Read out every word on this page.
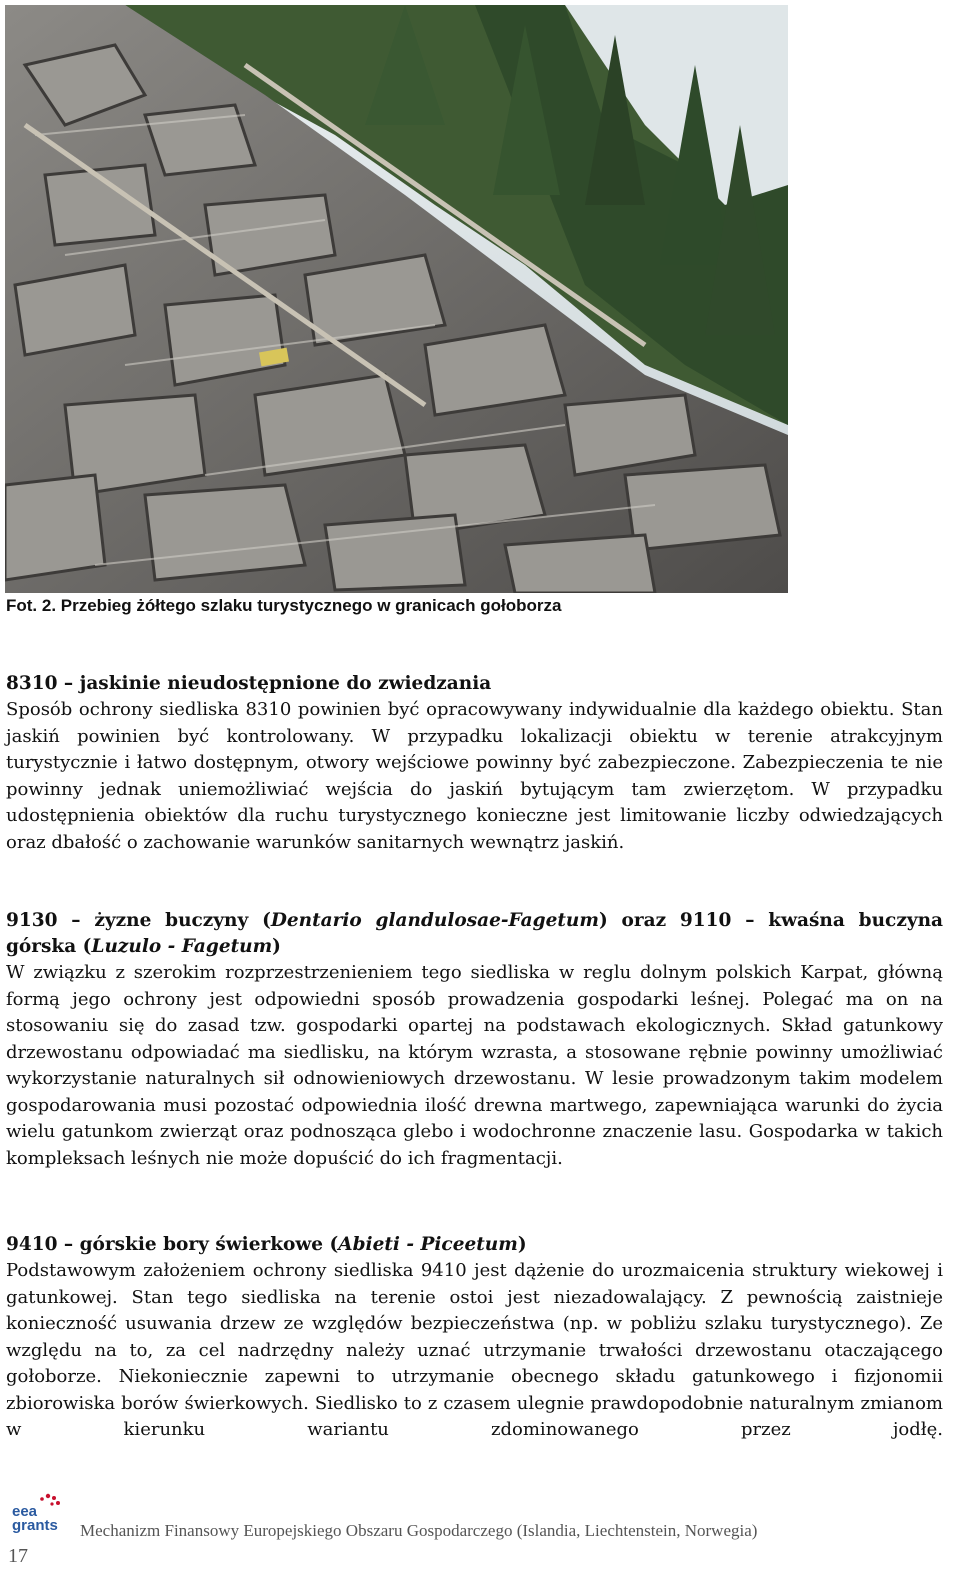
Fot. 2. Przebieg żółtego szlaku turystycznego w granicach gołoborza
8310 – jaskinie nieudostępnione do zwiedzania

Sposób ochrony siedliska 8310 powinien być opracowywany indywidualnie dla każdego obiektu. Stan jaskiń powinien być kontrolowany. W przypadku lokalizacji obiektu w terenie atrakcyjnym turystycznie i łatwo dostępnym, otwory wejściowe powinny być zabezpieczone. Zabezpieczenia te nie powinny jednak uniemożliwiać wejścia do jaskiń bytującym tam zwierzętom. W przypadku udostępnienia obiektów dla ruchu turystycznego konieczne jest limitowanie liczby odwiedzających oraz dbałość o zachowanie warunków sanitarnych wewnątrz jaskiń.

9130 – żyzne buczyny (Dentario glandulosae-Fagetum) oraz 9110 – kwaśna buczyna górska (Luzulo - Fagetum)

W związku z szerokim rozprzestrzenieniem tego siedliska w reglu dolnym polskich Karpat, główną formą jego ochrony jest odpowiedni sposób prowadzenia gospodarki leśnej. Polegać ma on na stosowaniu się do zasad tzw. gospodarki opartej na podstawach ekologicznych. Skład gatunkowy drzewostanu odpowiadać ma siedlisku, na którym wzrasta, a stosowane rębnie powinny umożliwiać wykorzystanie naturalnych sił odnowieniowych drzewostanu. W lesie prowadzonym takim modelem gospodarowania musi pozostać odpowiednia ilość drewna martwego, zapewniająca warunki do życia wielu gatunkom zwierząt oraz podnosząca glebo i wodochronne znaczenie lasu. Gospodarka w takich kompleksach leśnych nie może dopuścić do ich fragmentacji.

9410 – górskie bory świerkowe (Abieti - Piceetum)

Podstawowym założeniem ochrony siedliska 9410 jest dążenie do urozmaicenia struktury wiekowej i gatunkowej. Stan tego siedliska na terenie ostoi jest niezadowalający. Z pewnością zaistnieje konieczność usuwania drzew ze względów bezpieczeństwa (np. w pobliżu szlaku turystycznego). Ze względu na to, za cel nadrzędny należy uznać utrzymanie trwałości drzewostanu otaczającego gołoborze. Niekoniecznie zapewni to utrzymanie obecnego składu gatunkowego i fizjonomii zbiorowiska borów świerkowych. Siedlisko to z czasem ulegnie prawdopodobnie naturalnym zmianom w kierunku wariantu zdominowanego przez jodłę.

eea
grants Mechanizm Finansowy Europejskiego Obszaru Gospodarczego (Islandia, Liechtenstein, Norwegia)
17
